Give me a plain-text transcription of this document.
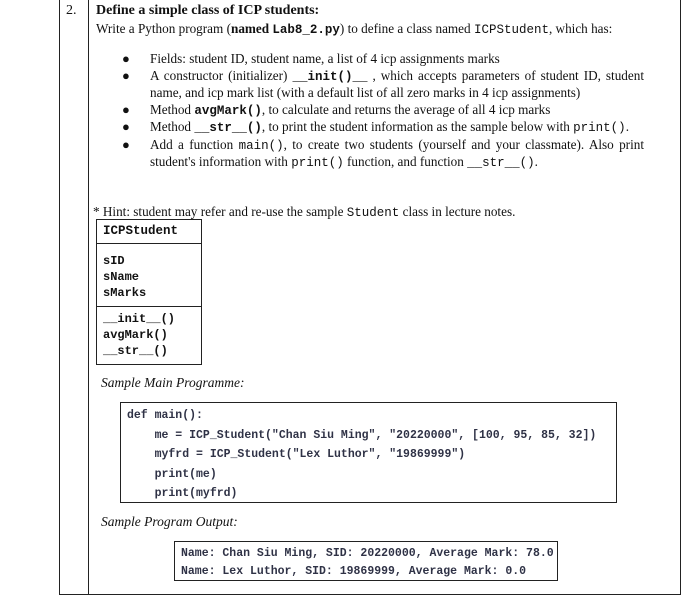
2. Define a simple class of ICP students:
Write a Python program (named Lab8_2.py) to define a class named ICPStudent, which has:
● Fields: student ID, student name, a list of 4 icp assignments marks
● A constructor (initializer) __init()__ , which accepts parameters of student ID, student name, and icp mark list (with a default list of all zero marks in 4 icp assignments)
● Method avgMark(), to calculate and returns the average of all 4 icp marks
● Method __str__(), to print the student information as the sample below with print().
● Add a function main(), to create two students (yourself and your classmate). Also print student's information with print() function, and function __str__().
* Hint: student may refer and re-use the sample Student class in lecture notes.
ICPStudent
sID
sName
sMarks
__init__()
avgMark()
__str__()
Sample Main Programme:
def main():
me = ICP_Student("Chan Siu Ming", "20220000", [100, 95, 85, 32])
myfrd = ICP_Student("Lex Luthor", "19869999")
print(me)
print(myfrd)
Sample Program Output:
Name: Chan Siu Ming, SID: 20220000, Average Mark: 78.0
Name: Lex Luthor, SID: 19869999, Average Mark: 0.0
